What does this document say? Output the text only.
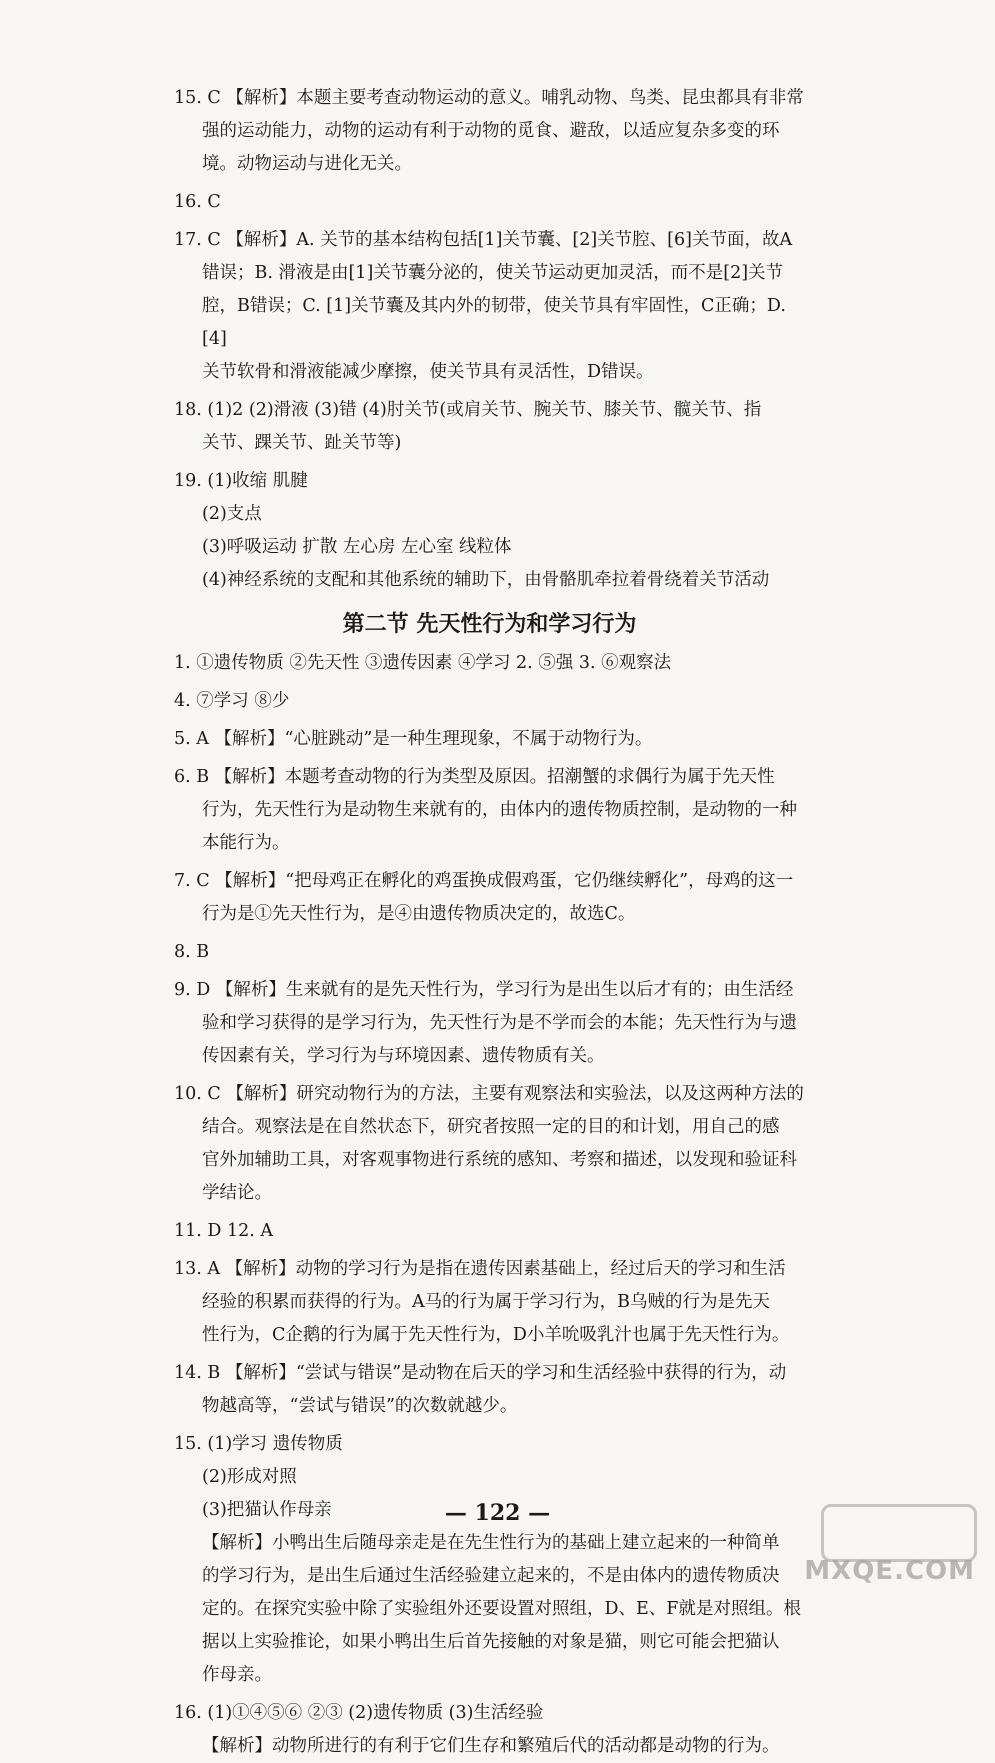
15. C 【解析】本题主要考查动物运动的意义。哺乳动物、鸟类、昆虫都具有非常

强的运动能力，动物的运动有利于动物的觅食、避敌，以适应复杂多变的环

境。动物运动与进化无关。

16. C

17. C 【解析】A. 关节的基本结构包括[1]关节囊、[2]关节腔、[6]关节面，故A

错误；B. 滑液是由[1]关节囊分泌的，使关节运动更加灵活，而不是[2]关节

腔，B错误；C. [1]关节囊及其内外的韧带，使关节具有牢固性，C正确；D. [4]

关节软骨和滑液能减少摩擦，使关节具有灵活性，D错误。

18. (1)2 (2)滑液 (3)错 (4)肘关节(或肩关节、腕关节、膝关节、髋关节、指

关节、踝关节、趾关节等)

19. (1)收缩 肌腱

(2)支点

(3)呼吸运动 扩散 左心房 左心室 线粒体

(4)神经系统的支配和其他系统的辅助下，由骨骼肌牵拉着骨绕着关节活动

第二节 先天性行为和学习行为

1. ①遗传物质 ②先天性 ③遗传因素 ④学习 2. ⑤强 3. ⑥观察法

4. ⑦学习 ⑧少

5. A 【解析】“心脏跳动”是一种生理现象，不属于动物行为。

6. B 【解析】本题考查动物的行为类型及原因。招潮蟹的求偶行为属于先天性

行为，先天性行为是动物生来就有的，由体内的遗传物质控制，是动物的一种

本能行为。

7. C 【解析】“把母鸡正在孵化的鸡蛋换成假鸡蛋，它仍继续孵化”，母鸡的这一

行为是①先天性行为，是④由遗传物质决定的，故选C。

8. B

9. D 【解析】生来就有的是先天性行为，学习行为是出生以后才有的；由生活经

验和学习获得的是学习行为，先天性行为是不学而会的本能；先天性行为与遗

传因素有关，学习行为与环境因素、遗传物质有关。

10. C 【解析】研究动物行为的方法，主要有观察法和实验法，以及这两种方法的

结合。观察法是在自然状态下，研究者按照一定的目的和计划，用自己的感

官外加辅助工具，对客观事物进行系统的感知、考察和描述，以发现和验证科

学结论。

11. D 12. A

13. A 【解析】动物的学习行为是指在遗传因素基础上，经过后天的学习和生活

经验的积累而获得的行为。A马的行为属于学习行为，B乌贼的行为是先天

性行为，C企鹅的行为属于先天性行为，D小羊吮吸乳汁也属于先天性行为。

14. B 【解析】“尝试与错误”是动物在后天的学习和生活经验中获得的行为，动

物越高等，“尝试与错误”的次数就越少。

15. (1)学习 遗传物质

(2)形成对照

(3)把猫认作母亲

【解析】小鸭出生后随母亲走是在先生性行为的基础上建立起来的一种简单

的学习行为，是出生后通过生活经验建立起来的，不是由体内的遗传物质决

定的。在探究实验中除了实验组外还要设置对照组，D、E、F就是对照组。根

据以上实验推论，如果小鸭出生后首先接触的对象是猫，则它可能会把猫认

作母亲。

16. (1)①④⑤⑥ ②③ (2)遗传物质 (3)生活经验

【解析】动物所进行的有利于它们生存和繁殖后代的活动都是动物的行为。

— 122 —
MXQE.COM
